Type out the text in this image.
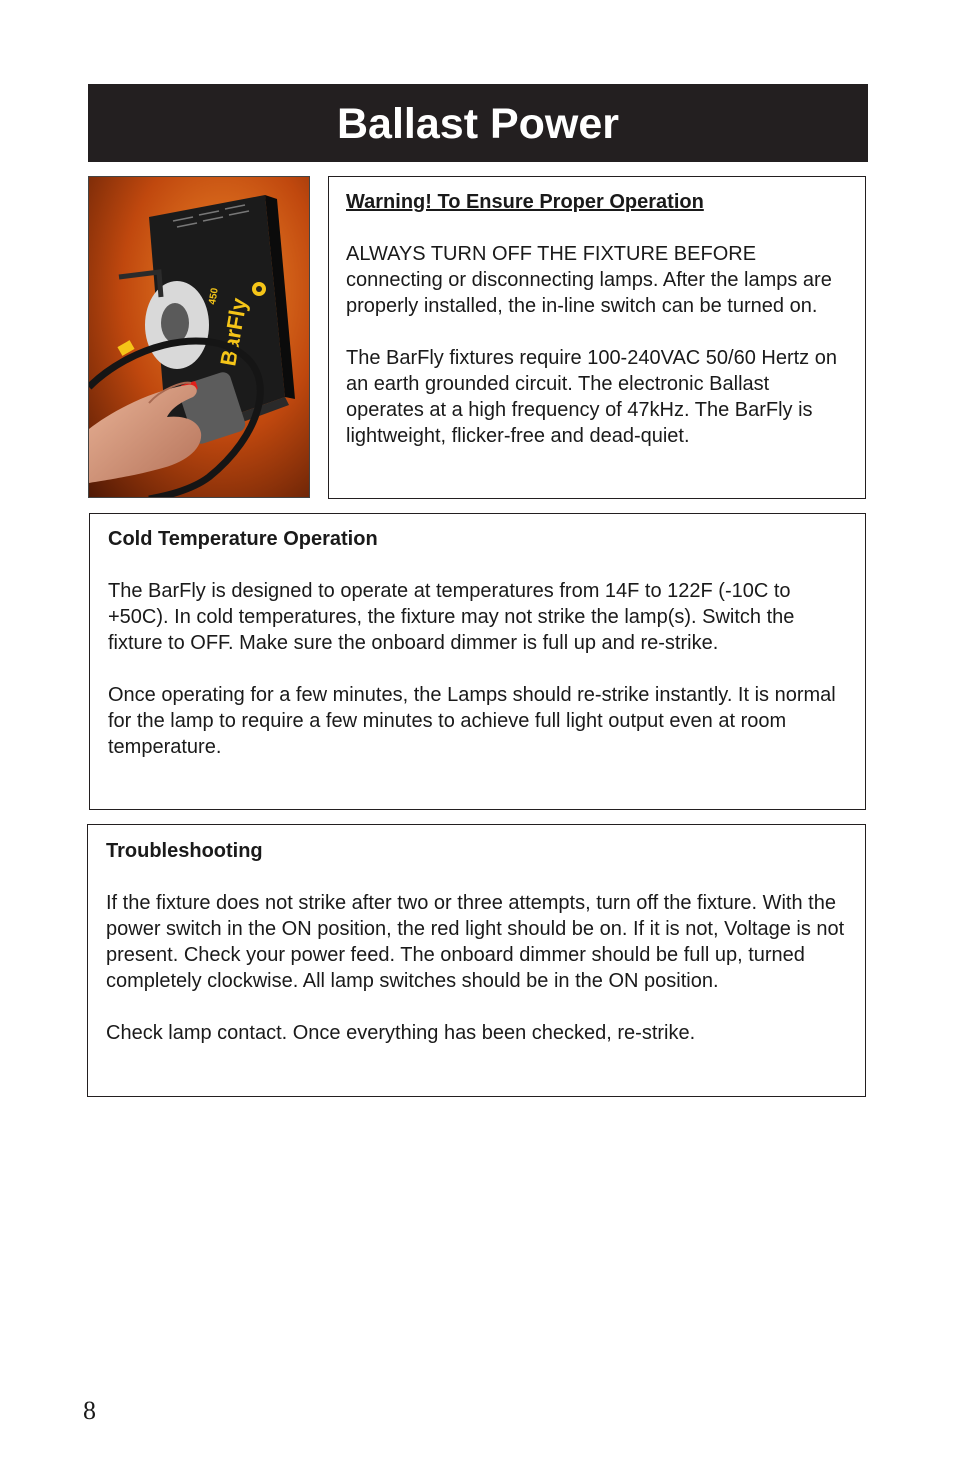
Ballast Power
BarFly
450
Warning! To Ensure Proper Operation

ALWAYS TURN OFF THE FIXTURE BEFORE connecting or disconnecting lamps. After the lamps are properly installed, the in-line switch can be turned on.

The BarFly fixtures require 100-240VAC 50/60 Hertz on an earth grounded circuit. The electronic Ballast operates at a high frequency of 47kHz. The BarFly is lightweight, flicker-free and dead-quiet.

Cold Temperature Operation

The BarFly is designed to operate at temperatures from 14F to 122F (-10C to +50C). In cold temperatures, the fixture may not strike the lamp(s). Switch the fixture to OFF. Make sure the onboard dimmer is full up and re-strike.

Once operating for a few minutes, the Lamps should re-strike instantly. It is normal for the lamp to require a few minutes to achieve full light output even at room temperature.

Troubleshooting

If the fixture does not strike after two or three attempts, turn off the fixture. With the power switch in the ON position, the red light should be on. If it is not, Voltage is not present. Check your power feed. The onboard dimmer should be full up, turned completely clockwise. All lamp switches should be in the ON position.

Check lamp contact. Once everything has been checked, re-strike.

8
